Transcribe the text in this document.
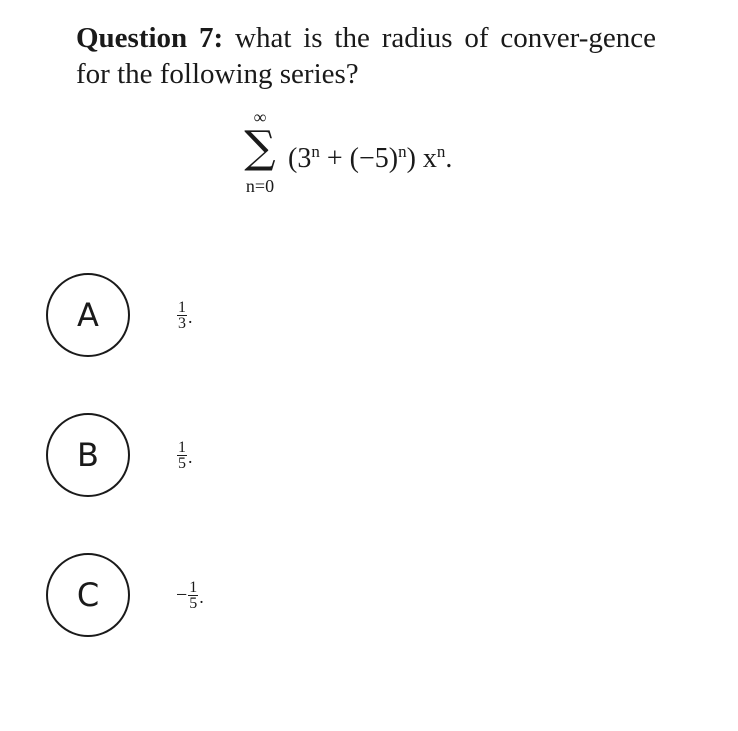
Question 7: what is the radius of conver-gence for the following series?
∞
∑
n=0
$(3^n + (-5)^n)$ $x^n$.
A	$\frac{1}{3}$ .
B	$\frac{1}{5}$ .
C	− $\frac{1}{5}$ .
